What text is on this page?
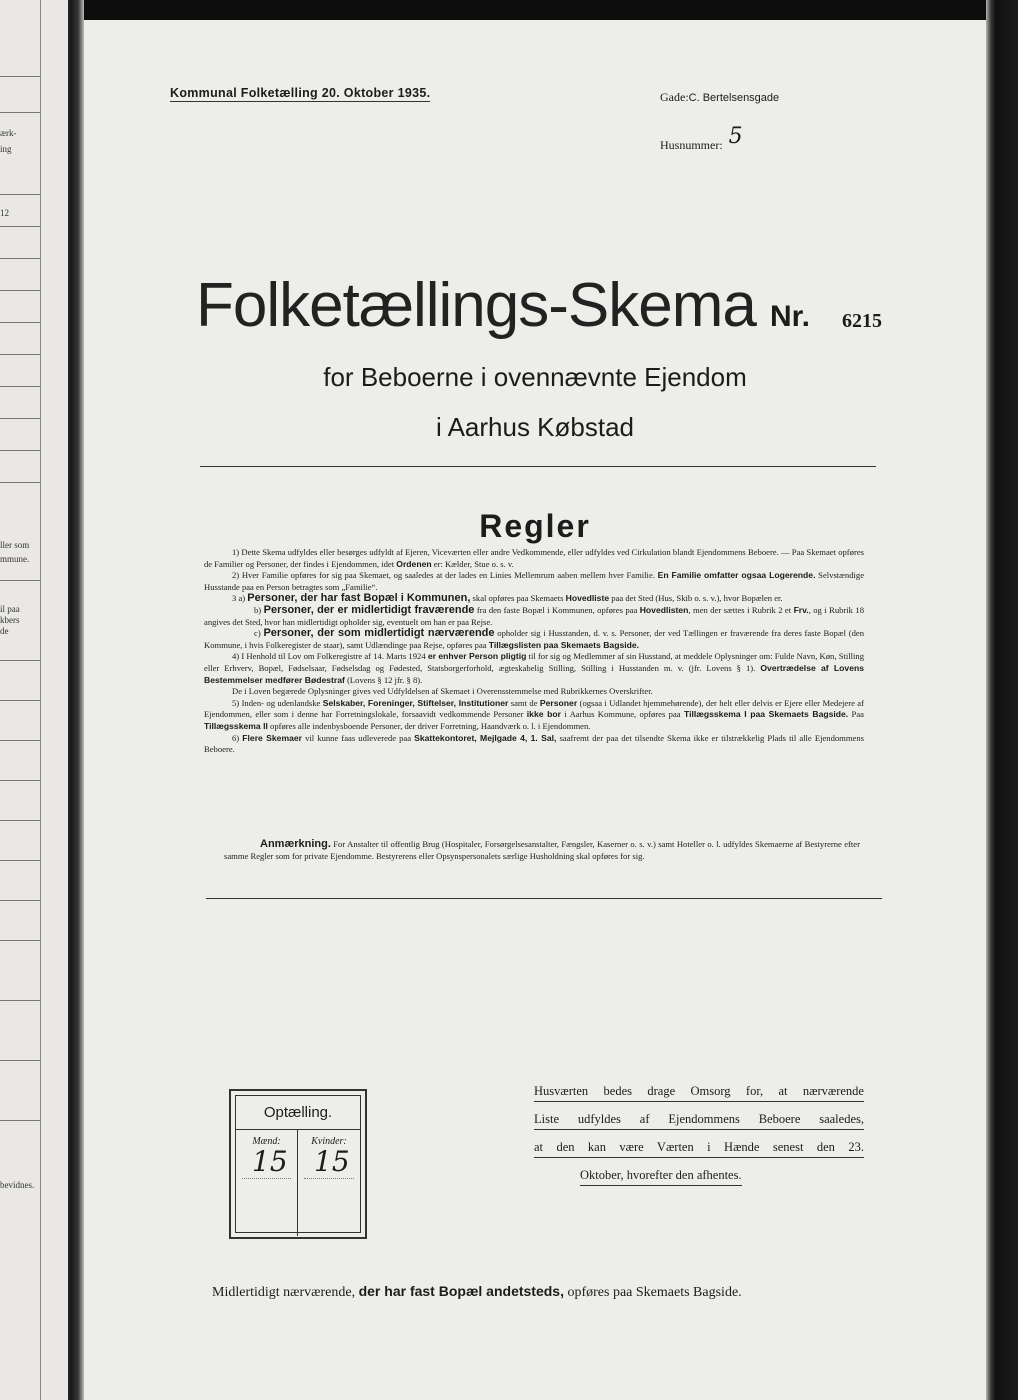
ærk-
ing
12
ller som
mmune.
il paa
kbers
de
bevidnes.
Kommunal Folketælling 20. Oktober 1935.	Gade:C. Bertelsensgade
Husnummer: 5
Folketællings-Skema Nr. 6215
for Beboerne i ovennævnte Ejendom
i Aarhus Købstad
Regler

1) Dette Skema udfyldes eller besørges udfyldt af Ejeren, Viceværten eller andre Vedkommende, eller udfyldes ved Cirkulation blandt Ejendommens Beboere. — Paa Skemaet opføres de Familier og Personer, der findes i Ejendommen, idet Ordenen er: Kælder, Stue o. s. v.

2) Hver Familie opføres for sig paa Skemaet, og saaledes at der lades en Linies Mellemrum aaben mellem hver Familie. En Familie omfatter ogsaa Logerende. Selvstændige Husstande paa en Person betragtes som „Familie“.

3 a) Personer, der har fast Bopæl i Kommunen, skal opføres paa Skemaets Hovedliste paa det Sted (Hus, Skib o. s. v.), hvor Bopælen er.

b) Personer, der er midlertidigt fraværende fra den faste Bopæl i Kommunen, opføres paa Hovedlisten, men der sættes i Rubrik 2 et Frv., og i Rubrik 18 angives det Sted, hvor han midlertidigt opholder sig, eventuelt om han er paa Rejse.

c) Personer, der som midlertidigt nærværende opholder sig i Husstanden, d. v. s. Personer, der ved Tællingen er fraværende fra deres faste Bopæl (den Kommune, i hvis Folkeregister de staar), samt Udlændinge paa Rejse, opføres paa Tillægslisten paa Skemaets Bagside.

4) I Henhold til Lov om Folkeregistre af 14. Marts 1924 er enhver Person pligtig til for sig og Medlemmer af sin Husstand, at meddele Oplysninger om: Fulde Navn, Køn, Stilling eller Erhverv, Bopæl, Fødselsaar, Fødselsdag og Fødested, Statsborgerforhold, ægteskabelig Stilling, Stilling i Husstanden m. v. (jfr. Lovens § 1). Overtrædelse af Lovens Bestemmelser medfører Bødestraf (Lovens § 12 jfr. § 8).

De i Loven begærede Oplysninger gives ved Udfyldelsen af Skemaet i Overensstemmelse med Rubrikkernes Overskrifter.

5) Inden- og udenlandske Selskaber, Foreninger, Stiftelser, Institutioner samt de Personer (ogsaa i Udlandet hjemmehørende), der helt eller delvis er Ejere eller Medejere af Ejendommen, eller som i denne har Forretningslokale, forsaavidt vedkommende Personer ikke bor i Aarhus Kommune, opføres paa Tillægsskema I paa Skemaets Bagside. Paa Tillægsskema II opføres alle indenbysboende Personer, der driver Forretning, Haandværk o. l. i Ejendommen.

6) Flere Skemaer vil kunne faas udleverede paa Skattekontoret, Mejlgade 4, 1. Sal, saafremt der paa det tilsendte Skema ikke er tilstrækkelig Plads til alle Ejendommens Beboere.

Anmærkning. For Anstalter til offentlig Brug (Hospitaler, Forsørgelsesanstalter, Fængsler, Kaserner o. s. v.) samt Hoteller o. l. udfyldes Skemaerne af Bestyrerne efter samme Regler som for private Ejendomme. Bestyrerens eller Opsynspersonalets særlige Husholdning skal opføres for sig.
Optælling.
Mænd:
15
Kvinder:
15
Husværten bedes drage Omsorg for, at nærværende
Liste udfyldes af Ejendommens Beboere saaledes,
at den kan være Værten i Hænde senest den 23.
Oktober, hvorefter den afhentes.
Midlertidigt nærværende, der har fast Bopæl andetsteds, opføres paa Skemaets Bagside.
